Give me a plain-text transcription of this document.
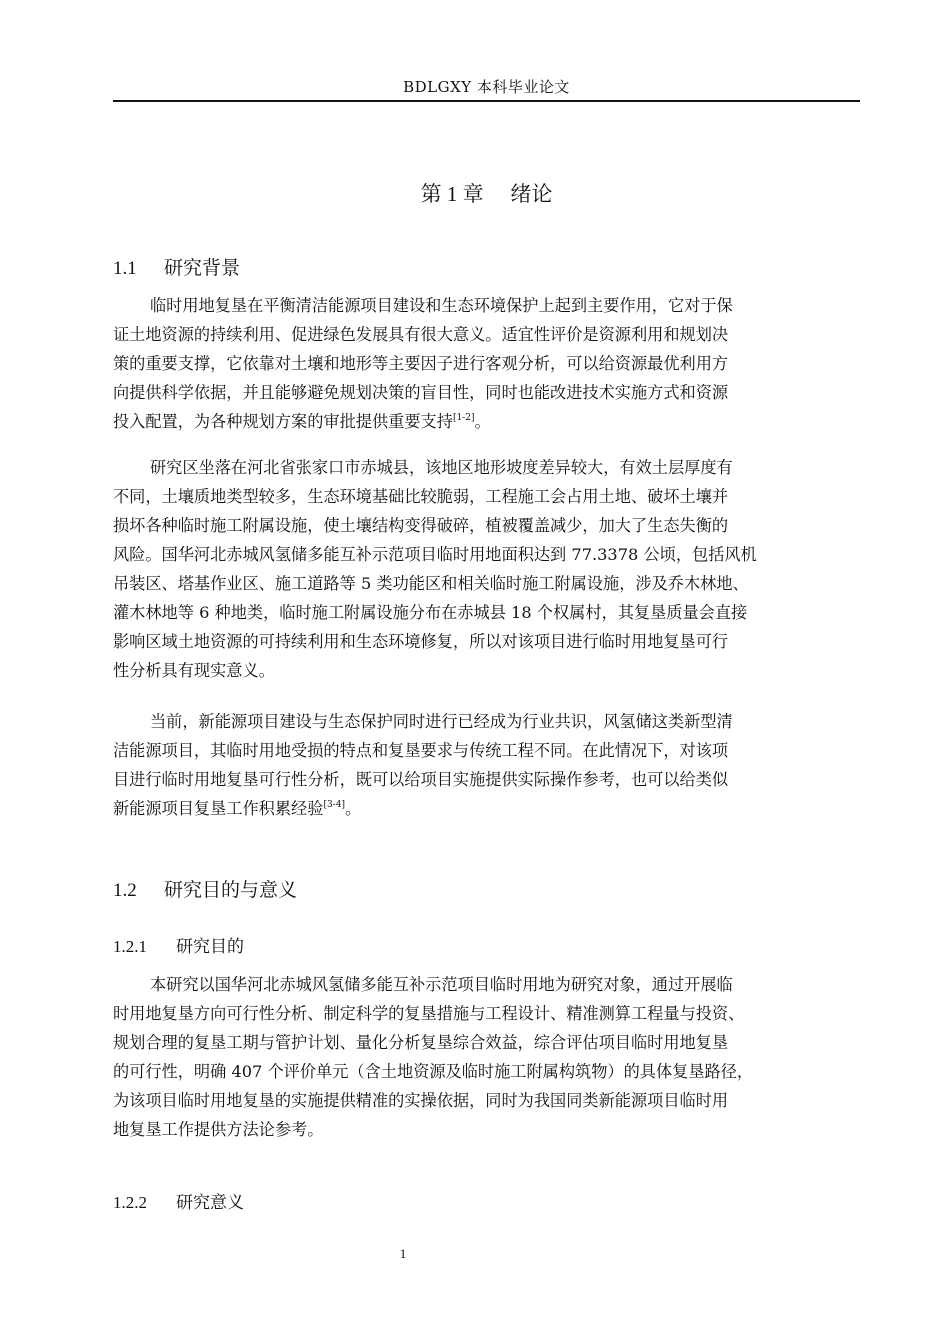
BDLGXY 本科毕业论文
第 1 章 绪论
1.1 研究背景
临时用地复垦在平衡清洁能源项目建设和生态环境保护上起到主要作用，它对于保
证土地资源的持续利用、促进绿色发展具有很大意义。适宜性评价是资源利用和规划决
策的重要支撑，它依靠对土壤和地形等主要因子进行客观分析，可以给资源最优利用方
向提供科学依据，并且能够避免规划决策的盲目性，同时也能改进技术实施方式和资源
投入配置，为各种规划方案的审批提供重要支持[1-2]。
研究区坐落在河北省张家口市赤城县，该地区地形坡度差异较大，有效土层厚度有
不同，土壤质地类型较多，生态环境基础比较脆弱，工程施工会占用土地、破坏土壤并
损坏各种临时施工附属设施，使土壤结构变得破碎，植被覆盖减少，加大了生态失衡的
风险。国华河北赤城风氢储多能互补示范项目临时用地面积达到 77.3378 公顷，包括风机
吊装区、塔基作业区、施工道路等 5 类功能区和相关临时施工附属设施，涉及乔木林地、
灌木林地等 6 种地类，临时施工附属设施分布在赤城县 18 个权属村，其复垦质量会直接
影响区域土地资源的可持续利用和生态环境修复，所以对该项目进行临时用地复垦可行
性分析具有现实意义。
当前，新能源项目建设与生态保护同时进行已经成为行业共识，风氢储这类新型清
洁能源项目，其临时用地受损的特点和复垦要求与传统工程不同。在此情况下，对该项
目进行临时用地复垦可行性分析，既可以给项目实施提供实际操作参考，也可以给类似
新能源项目复垦工作积累经验[3-4]。
1.2 研究目的与意义
1.2.1 研究目的
本研究以国华河北赤城风氢储多能互补示范项目临时用地为研究对象，通过开展临
时用地复垦方向可行性分析、制定科学的复垦措施与工程设计、精准测算工程量与投资、
规划合理的复垦工期与管护计划、量化分析复垦综合效益，综合评估项目临时用地复垦
的可行性，明确 407 个评价单元（含土地资源及临时施工附属构筑物）的具体复垦路径，
为该项目临时用地复垦的实施提供精准的实操依据，同时为我国同类新能源项目临时用
地复垦工作提供方法论参考。
1.2.2 研究意义
1
